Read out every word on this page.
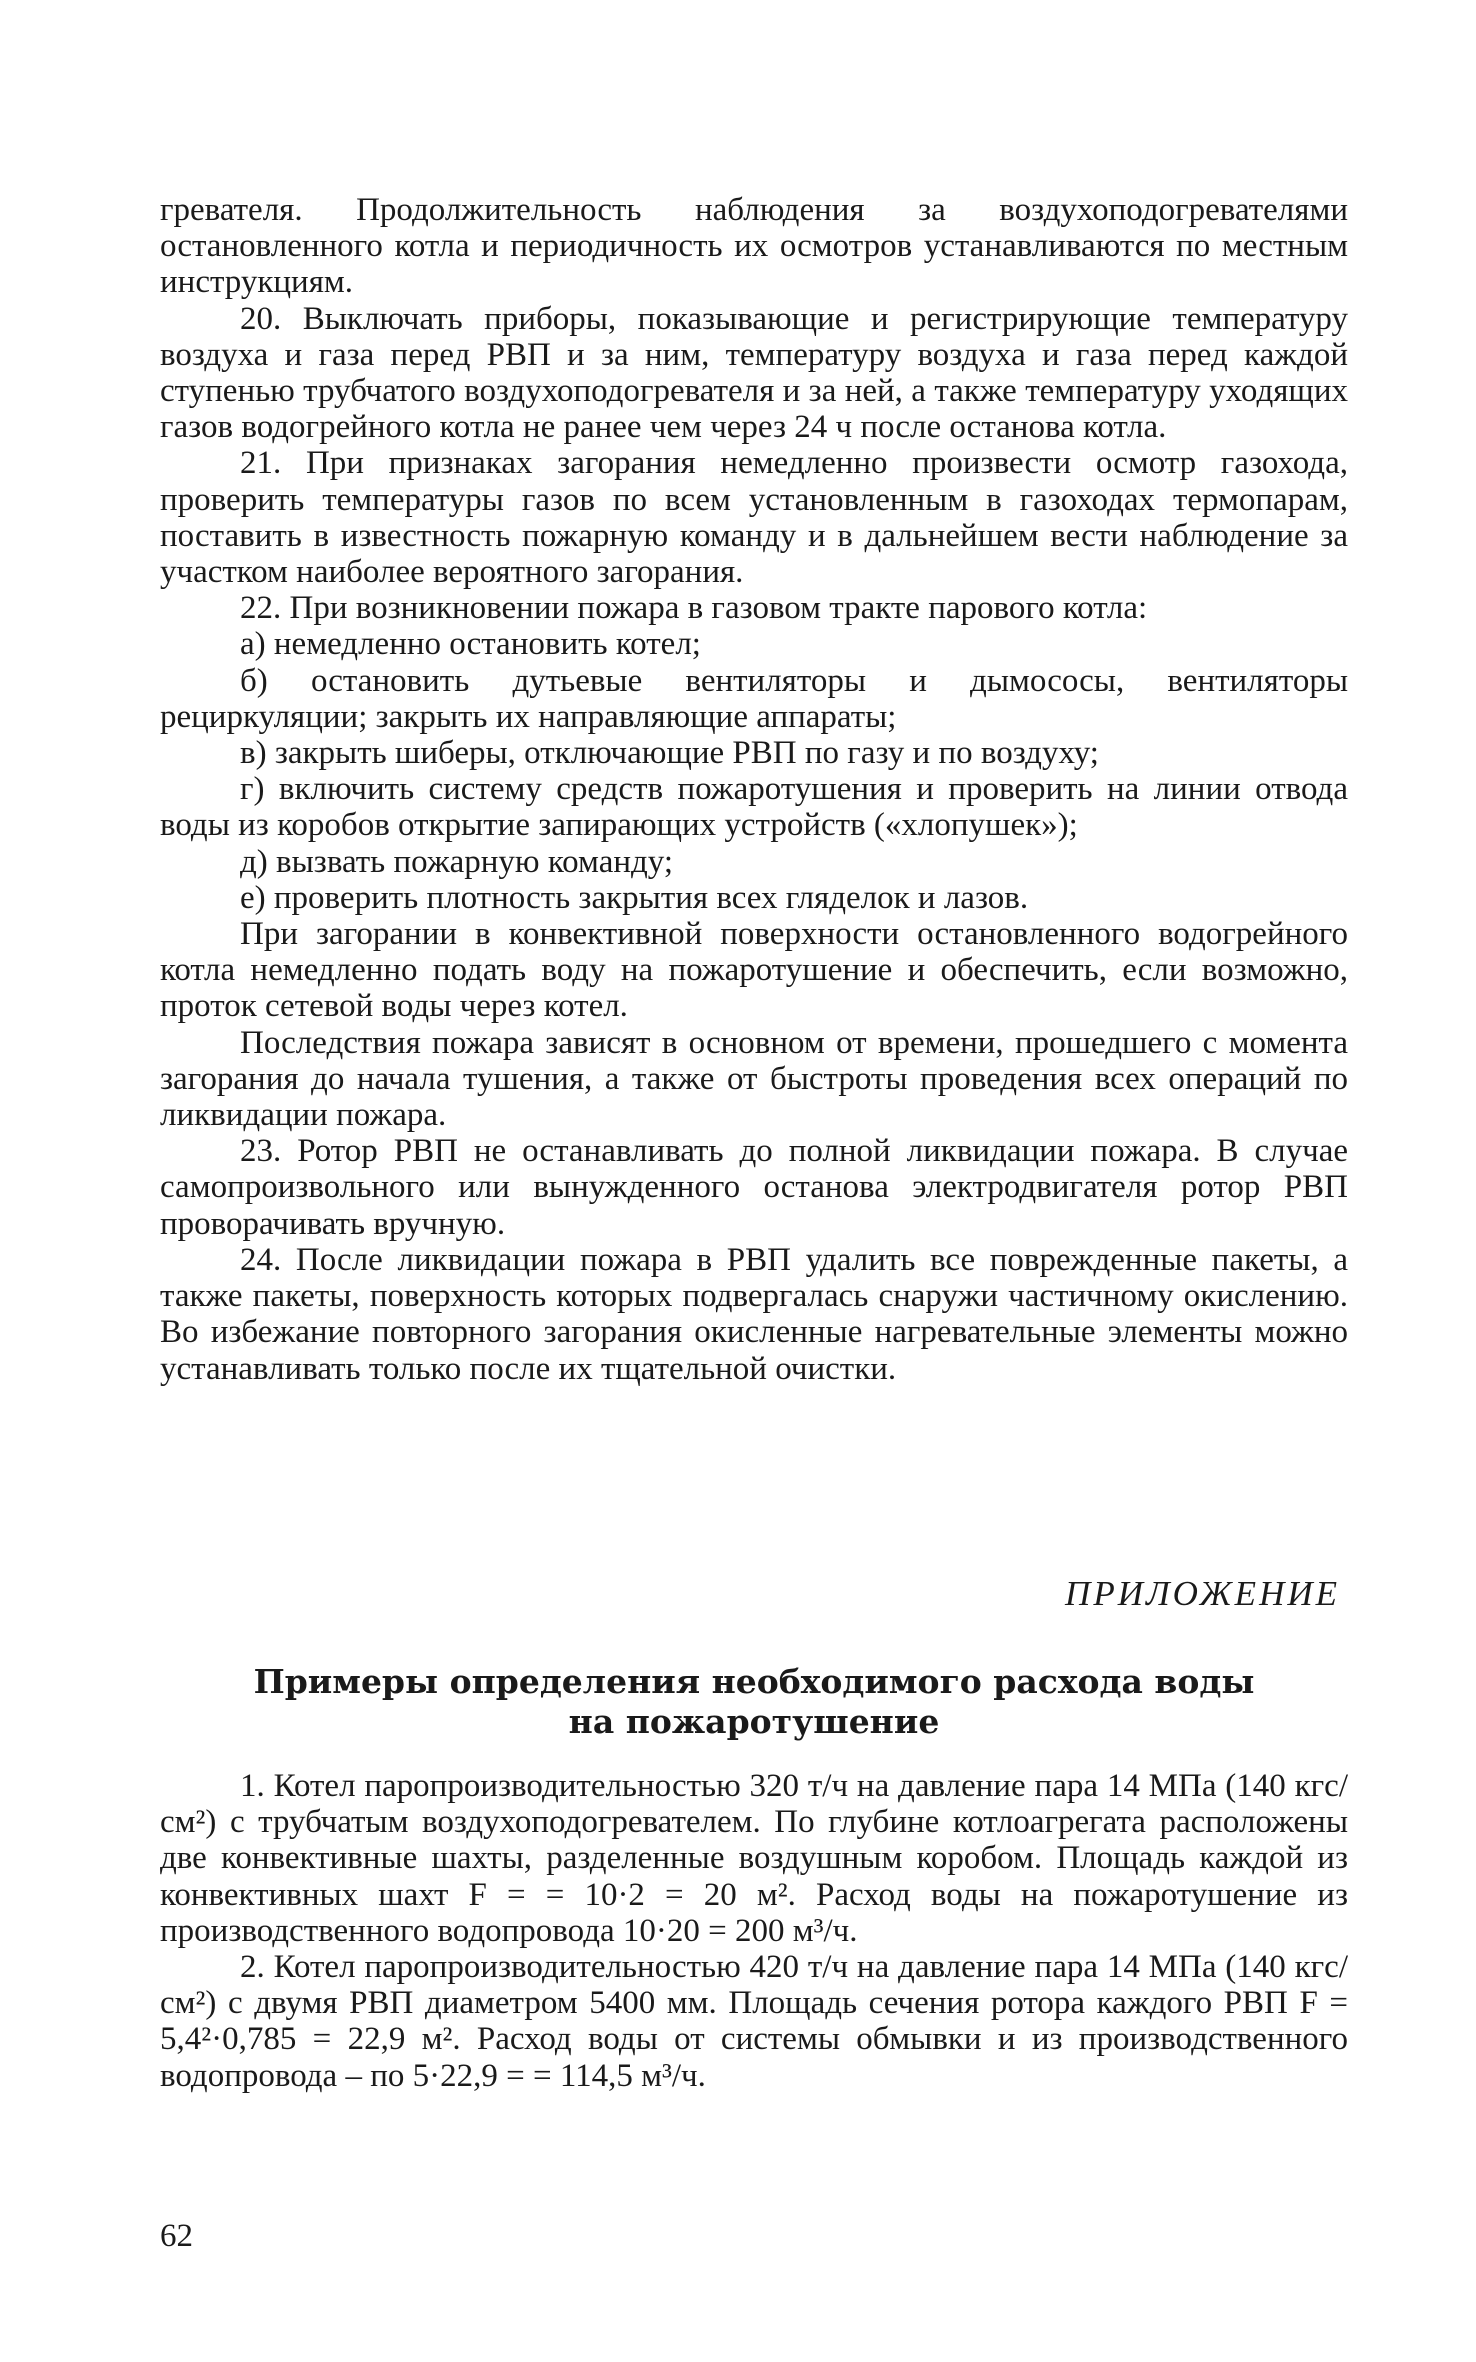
гревателя. Продолжительность наблюдения за воздухоподогревателями остановленного котла и периодичность их осмотров устанавливаются по местным инструкциям.

20. Выключать приборы, показывающие и регистрирующие температуру воздуха и газа перед РВП и за ним, температуру воздуха и газа перед каждой ступенью трубчатого воздухоподогревателя и за ней, а также температуру уходящих газов водогрейного котла не ранее чем через 24 ч после останова котла.

21. При признаках загорания немедленно произвести осмотр газохода, проверить температуры газов по всем установленным в газоходах термопарам, поставить в известность пожарную команду и в дальнейшем вести наблюдение за участком наиболее вероятного загорания.

22. При возникновении пожара в газовом тракте парового котла:

а) немедленно остановить котел;

б) остановить дутьевые вентиляторы и дымососы, вентиляторы рециркуляции; закрыть их направляющие аппараты;

в) закрыть шиберы, отключающие РВП по газу и по воздуху;

г) включить систему средств пожаротушения и проверить на линии отвода воды из коробов открытие запирающих устройств («хлопушек»);

д) вызвать пожарную команду;

е) проверить плотность закрытия всех гляделок и лазов.

При загорании в конвективной поверхности остановленного водогрейного котла немедленно подать воду на пожаротушение и обеспечить, если возможно, проток сетевой воды через котел.

Последствия пожара зависят в основном от времени, прошедшего с момента загорания до начала тушения, а также от быстроты проведения всех операций по ликвидации пожара.

23. Ротор РВП не останавливать до полной ликвидации пожара. В случае самопроизвольного или вынужденного останова электродвигателя ротор РВП проворачивать вручную.

24. После ликвидации пожара в РВП удалить все поврежденные пакеты, а также пакеты, поверхность которых подвергалась снаружи частичному окислению. Во избежание повторного загорания окисленные нагревательные элементы можно устанавливать только после их тщательной очистки.

ПРИЛОЖЕНИЕ

Примеры определения необходимого расхода воды
на пожаротушение

1. Котел паропроизводительностью 320 т/ч на давление пара 14 МПа (140 кгс/см²) с трубчатым воздухоподогревателем. По глубине котлоагрегата расположены две конвективные шахты, разделенные воздушным коробом. Площадь каждой из конвективных шахт F = = 10·2 = 20 м². Расход воды на пожаротушение из производственного водопровода 10·20 = 200 м³/ч.

2. Котел паропроизводительностью 420 т/ч на давление пара 14 МПа (140 кгс/см²) с двумя РВП диаметром 5400 мм. Площадь сечения ротора каждого РВП F = 5,4²·0,785 = 22,9 м². Расход воды от системы обмывки и из производственного водопровода – по 5·22,9 = = 114,5 м³/ч.

62
